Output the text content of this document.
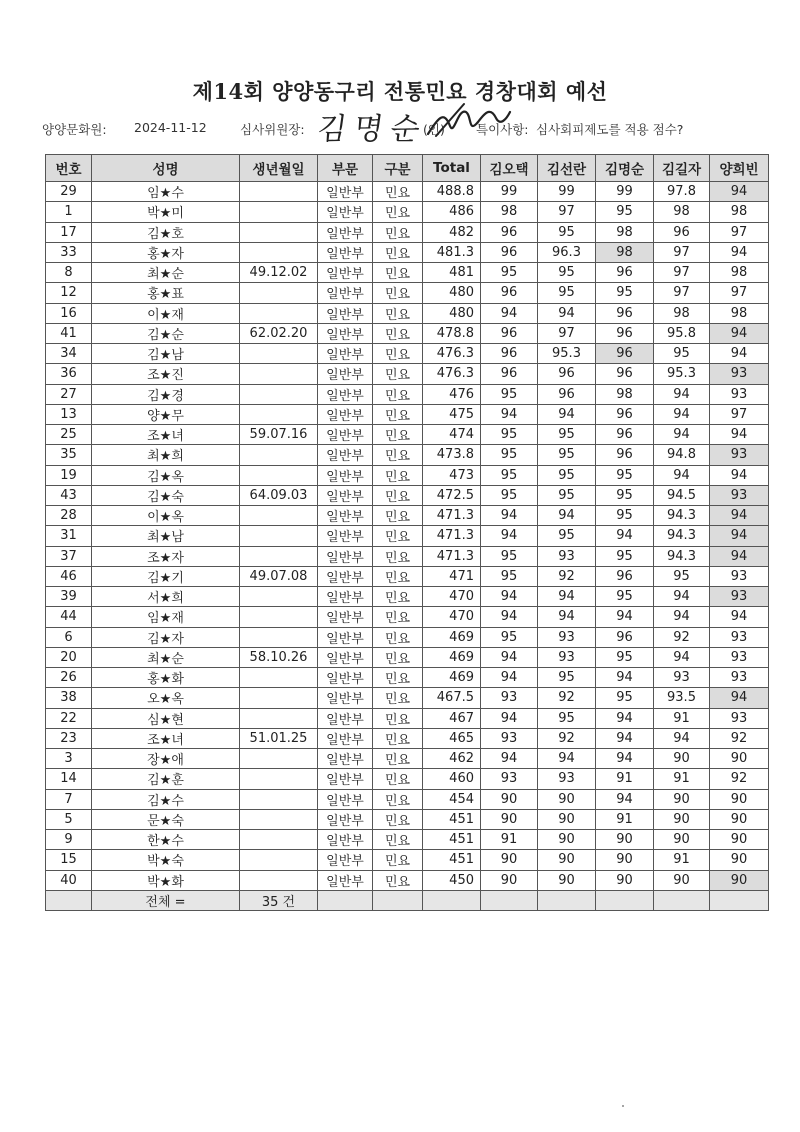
제14회 양양동구리 전통민요 경창대회 예선
양양문화원: 2024-11-12	심사위원장: 김 명 순 (인) 특이사항: 심사회피제도를 적용 점수?
번호	성명	생년월일	부문	구분	Total	김오택	김선란	김명순	김길자	양희빈
29	임★수		일반부	민요	488.8	99	99	99	97.8	94
1	박★미		일반부	민요	486	98	97	95	98	98
17	김★호		일반부	민요	482	96	95	98	96	97
33	홍★자		일반부	민요	481.3	96	96.3	98	97	94
8	최★순	49.12.02	일반부	민요	481	95	95	96	97	98
12	홍★표		일반부	민요	480	96	95	95	97	97
16	이★재		일반부	민요	480	94	94	96	98	98
41	김★순	62.02.20	일반부	민요	478.8	96	97	96	95.8	94
34	김★남		일반부	민요	476.3	96	95.3	96	95	94
36	조★진		일반부	민요	476.3	96	96	96	95.3	93
27	김★경		일반부	민요	476	95	96	98	94	93
13	양★무		일반부	민요	475	94	94	96	94	97
25	조★녀	59.07.16	일반부	민요	474	95	95	96	94	94
35	최★희		일반부	민요	473.8	95	95	96	94.8	93
19	김★옥		일반부	민요	473	95	95	95	94	94
43	김★숙	64.09.03	일반부	민요	472.5	95	95	95	94.5	93
28	이★옥		일반부	민요	471.3	94	94	95	94.3	94
31	최★남		일반부	민요	471.3	94	95	94	94.3	94
37	조★자		일반부	민요	471.3	95	93	95	94.3	94
46	김★기	49.07.08	일반부	민요	471	95	92	96	95	93
39	서★희		일반부	민요	470	94	94	95	94	93
44	임★재		일반부	민요	470	94	94	94	94	94
6	김★자		일반부	민요	469	95	93	96	92	93
20	최★순	58.10.26	일반부	민요	469	94	93	95	94	93
26	홍★화		일반부	민요	469	94	95	94	93	93
38	오★옥		일반부	민요	467.5	93	92	95	93.5	94
22	심★현		일반부	민요	467	94	95	94	91	93
23	조★녀	51.01.25	일반부	민요	465	93	92	94	94	92
3	장★애		일반부	민요	462	94	94	94	90	90
14	김★훈		일반부	민요	460	93	93	91	91	92
7	김★수		일반부	민요	454	90	90	94	90	90
5	문★숙		일반부	민요	451	90	90	91	90	90
9	한★수		일반부	민요	451	91	90	90	90	90
15	박★숙		일반부	민요	451	90	90	90	91	90
40	박★화		일반부	민요	450	90	90	90	90	90
	전체 =	35 건								
